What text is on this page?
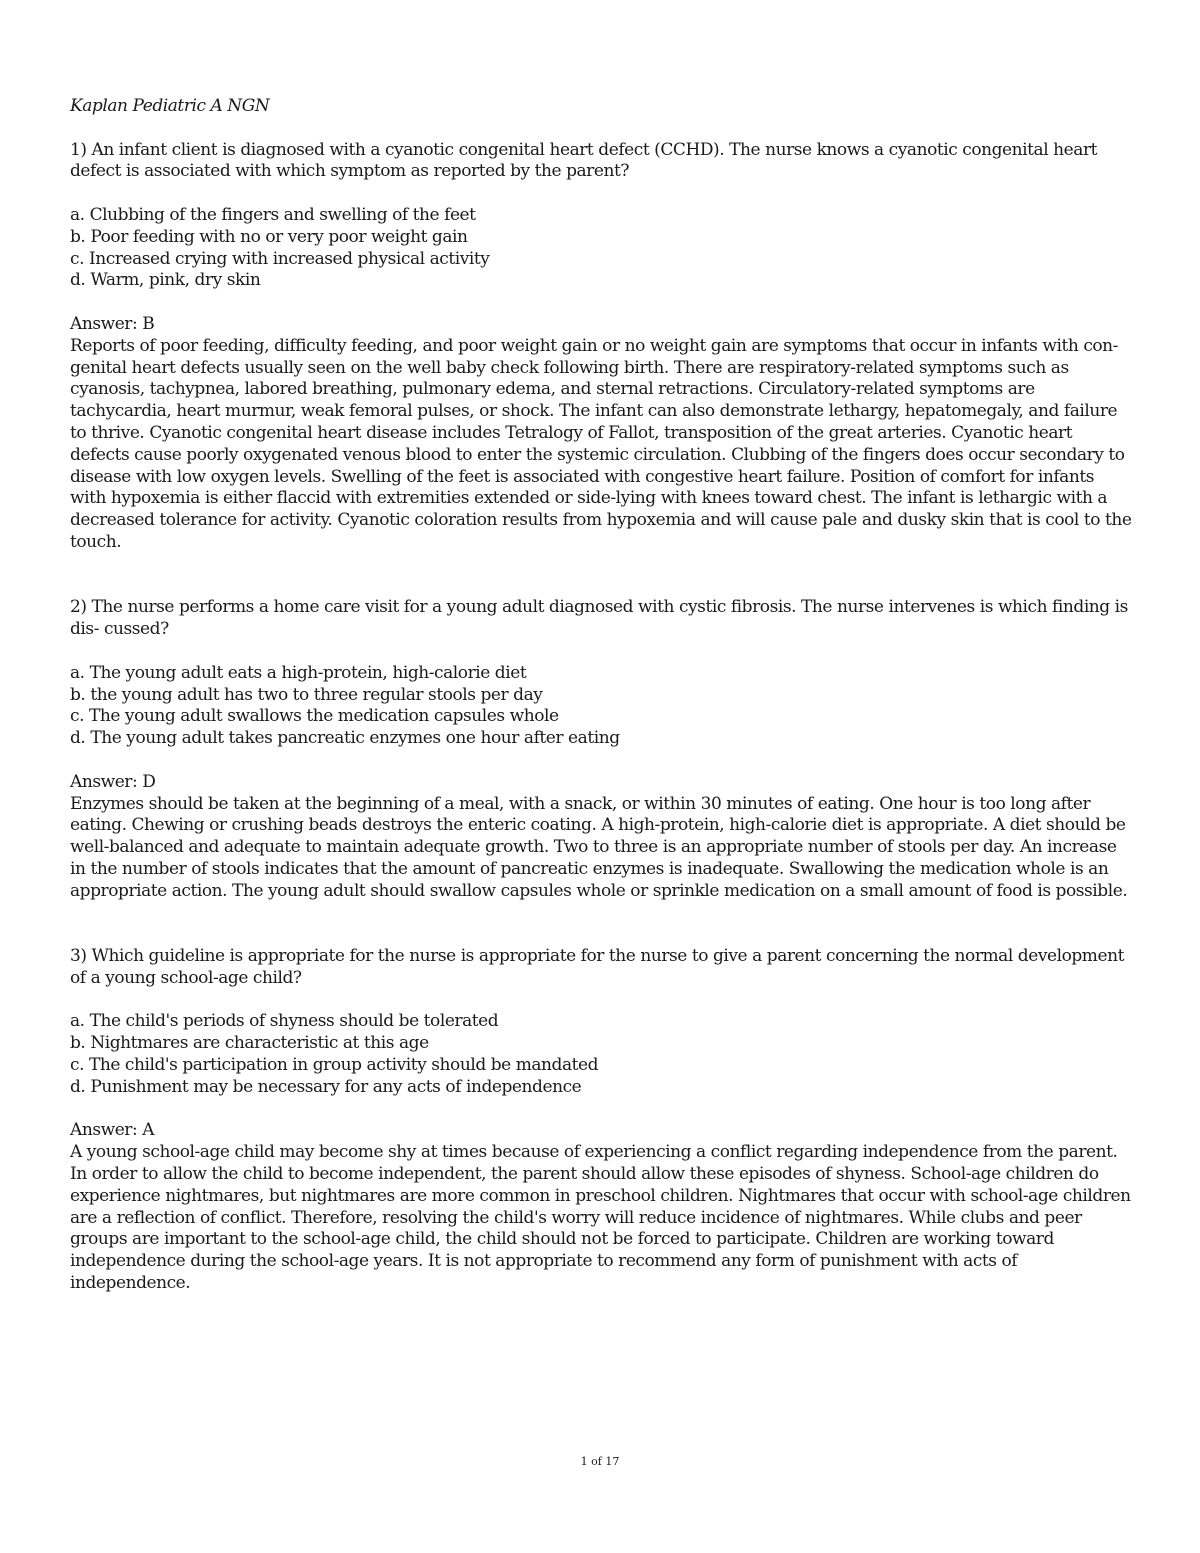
Kaplan Pediatric A NGN

1) An infant client is diagnosed with a cyanotic congenital heart defect (CCHD). The nurse knows a cyanotic congenital heart defect is associated with which symptom as reported by the parent?

a. Clubbing of the fingers and swelling of the feet
b. Poor feeding with no or very poor weight gain
c. Increased crying with increased physical activity
d. Warm, pink, dry skin
Answer: B

Reports of poor feeding, difficulty feeding, and poor weight gain or no weight gain are symptoms that occur in infants with con- genital heart defects usually seen on the well baby check following birth. There are respiratory-related symptoms such as cyanosis, tachypnea, labored breathing, pulmonary edema, and sternal retractions. Circulatory-related symptoms are tachycardia, heart murmur, weak femoral pulses, or shock. The infant can also demonstrate lethargy, hepatomegaly, and failure to thrive. Cyanotic congenital heart disease includes Tetralogy of Fallot, transposition of the great arteries. Cyanotic heart defects cause poorly oxygenated venous blood to enter the systemic circulation. Clubbing of the fingers does occur secondary to disease with low oxygen levels. Swelling of the feet is associated with congestive heart failure. Position of comfort for infants with hypoxemia is either flaccid with extremities extended or side-lying with knees toward chest. The infant is lethargic with a decreased tolerance for activity. Cyanotic coloration results from hypoxemia and will cause pale and dusky skin that is cool to the touch.

2) The nurse performs a home care visit for a young adult diagnosed with cystic fibrosis. The nurse intervenes is which finding is dis- cussed?

a. The young adult eats a high-protein, high-calorie diet
b. the young adult has two to three regular stools per day
c. The young adult swallows the medication capsules whole
d. The young adult takes pancreatic enzymes one hour after eating
Answer: D

Enzymes should be taken at the beginning of a meal, with a snack, or within 30 minutes of eating. One hour is too long after eating. Chewing or crushing beads destroys the enteric coating. A high-protein, high-calorie diet is appropriate. A diet should be well-balanced and adequate to maintain adequate growth. Two to three is an appropriate number of stools per day. An increase in the number of stools indicates that the amount of pancreatic enzymes is inadequate. Swallowing the medication whole is an appropriate action. The young adult should swallow capsules whole or sprinkle medication on a small amount of food is possible.

3) Which guideline is appropriate for the nurse is appropriate for the nurse to give a parent concerning the normal development of a young school-age child?

a. The child's periods of shyness should be tolerated
b. Nightmares are characteristic at this age
c. The child's participation in group activity should be mandated
d. Punishment may be necessary for any acts of independence
Answer: A

A young school-age child may become shy at times because of experiencing a conflict regarding independence from the parent. In order to allow the child to become independent, the parent should allow these episodes of shyness. School-age children do experience nightmares, but nightmares are more common in preschool children. Nightmares that occur with school-age children are a reflection of conflict. Therefore, resolving the child's worry will reduce incidence of nightmares. While clubs and peer groups are important to the school-age child, the child should not be forced to participate. Children are working toward independence during the school-age years. It is not appropriate to recommend any form of punishment with acts of independence.

1 of 17
